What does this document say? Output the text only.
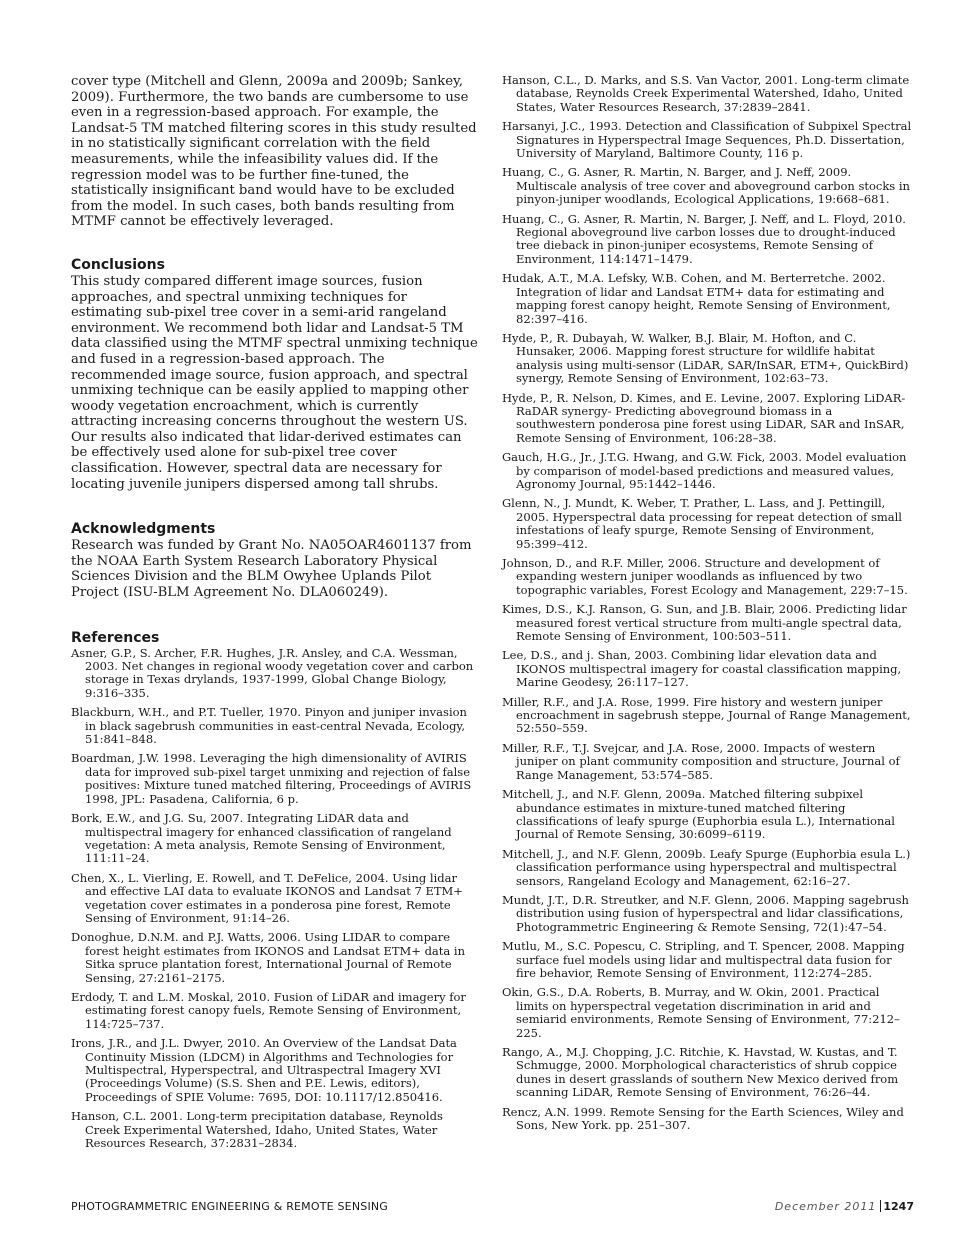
cover type (Mitchell and Glenn, 2009a and 2009b; Sankey, 2009). Furthermore, the two bands are cumbersome to use even in a regression-based approach. For example, the Landsat-5 TM matched filtering scores in this study resulted in no statistically significant correlation with the field measurements, while the infeasibility values did. If the regression model was to be further fine-tuned, the statistically insignificant band would have to be excluded from the model. In such cases, both bands resulting from MTMF cannot be effectively leveraged.

Conclusions

This study compared different image sources, fusion approaches, and spectral unmixing techniques for estimating sub-pixel tree cover in a semi-arid rangeland environment. We recommend both lidar and Landsat-5 TM data classified using the MTMF spectral unmixing technique and fused in a regression-based approach. The recommended image source, fusion approach, and spectral unmixing technique can be easily applied to mapping other woody vegetation encroachment, which is currently attracting increasing concerns throughout the western US. Our results also indicated that lidar-derived estimates can be effectively used alone for sub-pixel tree cover classification. However, spectral data are necessary for locating juvenile junipers dispersed among tall shrubs.

Acknowledgments

Research was funded by Grant No. NA05OAR4601137 from the NOAA Earth System Research Laboratory Physical Sciences Division and the BLM Owyhee Uplands Pilot Project (ISU-BLM Agreement No. DLA060249).

References

Asner, G.P., S. Archer, F.R. Hughes, J.R. Ansley, and C.A. Wessman, 2003. Net changes in regional woody vegetation cover and carbon storage in Texas drylands, 1937-1999, Global Change Biology, 9:316–335.

Blackburn, W.H., and P.T. Tueller, 1970. Pinyon and juniper invasion in black sagebrush communities in east-central Nevada, Ecology, 51:841–848.

Boardman, J.W. 1998. Leveraging the high dimensionality of AVIRIS data for improved sub-pixel target unmixing and rejection of false positives: Mixture tuned matched filtering, Proceedings of AVIRIS 1998, JPL: Pasadena, California, 6 p.

Bork, E.W., and J.G. Su, 2007. Integrating LiDAR data and multispectral imagery for enhanced classification of rangeland vegetation: A meta analysis, Remote Sensing of Environment, 111:11–24.

Chen, X., L. Vierling, E. Rowell, and T. DeFelice, 2004. Using lidar and effective LAI data to evaluate IKONOS and Landsat 7 ETM+ vegetation cover estimates in a ponderosa pine forest, Remote Sensing of Environment, 91:14–26.

Donoghue, D.N.M. and P.J. Watts, 2006. Using LIDAR to compare forest height estimates from IKONOS and Landsat ETM+ data in Sitka spruce plantation forest, International Journal of Remote Sensing, 27:2161–2175.

Erdody, T. and L.M. Moskal, 2010. Fusion of LiDAR and imagery for estimating forest canopy fuels, Remote Sensing of Environment, 114:725–737.

Irons, J.R., and J.L. Dwyer, 2010. An Overview of the Landsat Data Continuity Mission (LDCM) in Algorithms and Technologies for Multispectral, Hyperspectral, and Ultraspectral Imagery XVI (Proceedings Volume) (S.S. Shen and P.E. Lewis, editors), Proceedings of SPIE Volume: 7695, DOI: 10.1117/12.850416.

Hanson, C.L. 2001. Long-term precipitation database, Reynolds Creek Experimental Watershed, Idaho, United States, Water Resources Research, 37:2831–2834.

Hanson, C.L., D. Marks, and S.S. Van Vactor, 2001. Long-term climate database, Reynolds Creek Experimental Watershed, Idaho, United States, Water Resources Research, 37:2839–2841.

Harsanyi, J.C., 1993. Detection and Classification of Subpixel Spectral Signatures in Hyperspectral Image Sequences, Ph.D. Dissertation, University of Maryland, Baltimore County, 116 p.

Huang, C., G. Asner, R. Martin, N. Barger, and J. Neff, 2009. Multiscale analysis of tree cover and aboveground carbon stocks in pinyon-juniper woodlands, Ecological Applications, 19:668–681.

Huang, C., G. Asner, R. Martin, N. Barger, J. Neff, and L. Floyd, 2010. Regional aboveground live carbon losses due to drought-induced tree dieback in pinon-juniper ecosystems, Remote Sensing of Environment, 114:1471–1479.

Hudak, A.T., M.A. Lefsky, W.B. Cohen, and M. Berterretche. 2002. Integration of lidar and Landsat ETM+ data for estimating and mapping forest canopy height, Remote Sensing of Environment, 82:397–416.

Hyde, P., R. Dubayah, W. Walker, B.J. Blair, M. Hofton, and C. Hunsaker, 2006. Mapping forest structure for wildlife habitat analysis using multi-sensor (LiDAR, SAR/InSAR, ETM+, QuickBird) synergy, Remote Sensing of Environment, 102:63–73.

Hyde, P., R. Nelson, D. Kimes, and E. Levine, 2007. Exploring LiDAR-RaDAR synergy- Predicting aboveground biomass in a southwestern ponderosa pine forest using LiDAR, SAR and InSAR, Remote Sensing of Environment, 106:28–38.

Gauch, H.G., Jr., J.T.G. Hwang, and G.W. Fick, 2003. Model evaluation by comparison of model-based predictions and measured values, Agronomy Journal, 95:1442–1446.

Glenn, N., J. Mundt, K. Weber, T. Prather, L. Lass, and J. Pettingill, 2005. Hyperspectral data processing for repeat detection of small infestations of leafy spurge, Remote Sensing of Environment, 95:399–412.

Johnson, D., and R.F. Miller, 2006. Structure and development of expanding western juniper woodlands as influenced by two topographic variables, Forest Ecology and Management, 229:7–15.

Kimes, D.S., K.J. Ranson, G. Sun, and J.B. Blair, 2006. Predicting lidar measured forest vertical structure from multi-angle spectral data, Remote Sensing of Environment, 100:503–511.

Lee, D.S., and j. Shan, 2003. Combining lidar elevation data and IKONOS multispectral imagery for coastal classification mapping, Marine Geodesy, 26:117–127.

Miller, R.F., and J.A. Rose, 1999. Fire history and western juniper encroachment in sagebrush steppe, Journal of Range Management, 52:550–559.

Miller, R.F., T.J. Svejcar, and J.A. Rose, 2000. Impacts of western juniper on plant community composition and structure, Journal of Range Management, 53:574–585.

Mitchell, J., and N.F. Glenn, 2009a. Matched filtering subpixel abundance estimates in mixture-tuned matched filtering classifications of leafy spurge (Euphorbia esula L.), International Journal of Remote Sensing, 30:6099–6119.

Mitchell, J., and N.F. Glenn, 2009b. Leafy Spurge (Euphorbia esula L.) classification performance using hyperspectral and multispectral sensors, Rangeland Ecology and Management, 62:16–27.

Mundt, J.T., D.R. Streutker, and N.F. Glenn, 2006. Mapping sagebrush distribution using fusion of hyperspectral and lidar classifications, Photogrammetric Engineering & Remote Sensing, 72(1):47–54.

Mutlu, M., S.C. Popescu, C. Stripling, and T. Spencer, 2008. Mapping surface fuel models using lidar and multispectral data fusion for fire behavior, Remote Sensing of Environment, 112:274–285.

Okin, G.S., D.A. Roberts, B. Murray, and W. Okin, 2001. Practical limits on hyperspectral vegetation discrimination in arid and semiarid environments, Remote Sensing of Environment, 77:212–225.

Rango, A., M.J. Chopping, J.C. Ritchie, K. Havstad, W. Kustas, and T. Schmugge, 2000. Morphological characteristics of shrub coppice dunes in desert grasslands of southern New Mexico derived from scanning LiDAR, Remote Sensing of Environment, 76:26–44.

Rencz, A.N. 1999. Remote Sensing for the Earth Sciences, Wiley and Sons, New York. pp. 251–307.

PHOTOGRAMMETRIC ENGINEERING & REMOTE SENSING	December 2011 1247
